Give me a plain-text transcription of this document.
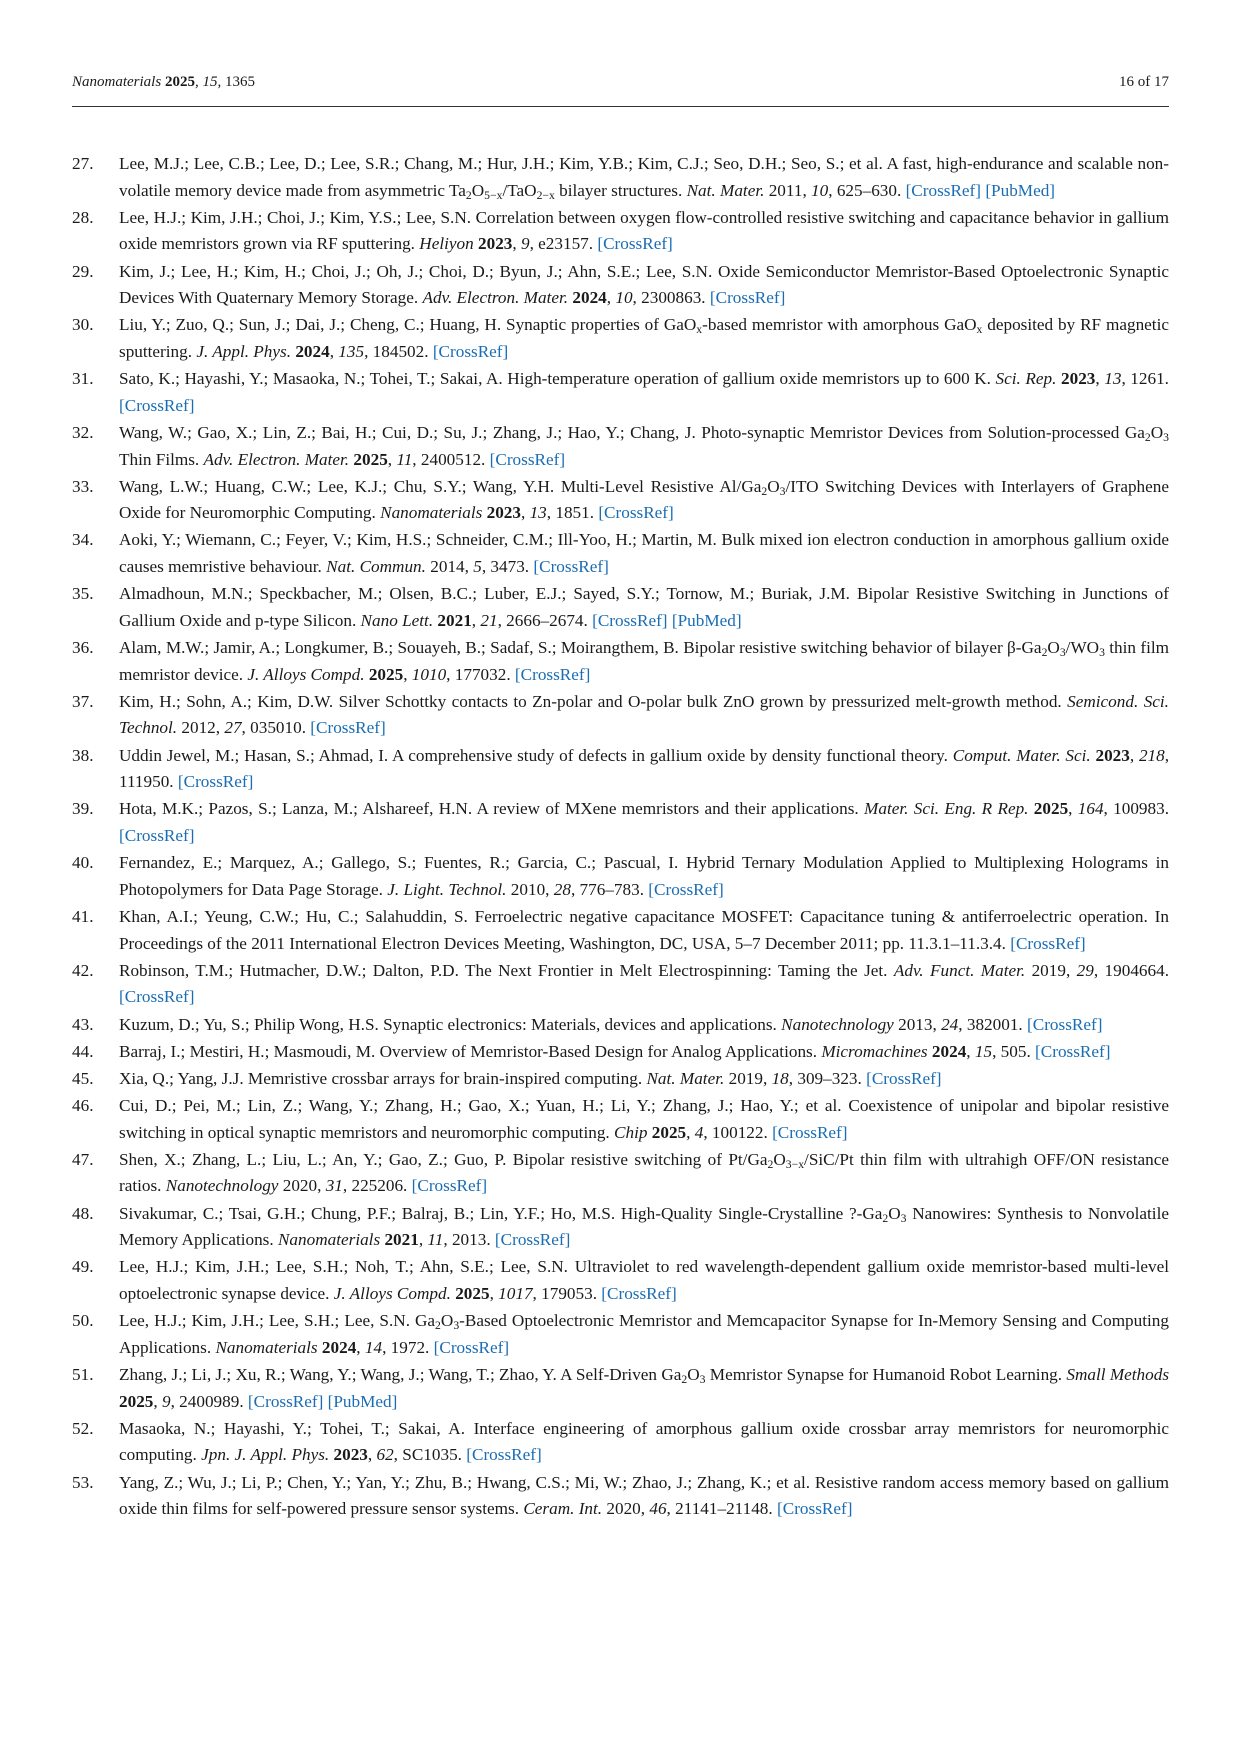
Nanomaterials 2025, 15, 1365	16 of 17
27. Lee, M.J.; Lee, C.B.; Lee, D.; Lee, S.R.; Chang, M.; Hur, J.H.; Kim, Y.B.; Kim, C.J.; Seo, D.H.; Seo, S.; et al. A fast, high-endurance and scalable non-volatile memory device made from asymmetric $Ta_2O_{5-x}/TaO_{2-x}$ bilayer structures. Nat. Mater. 2011, 10, 625–630. [CrossRef] [PubMed]
28. Lee, H.J.; Kim, J.H.; Choi, J.; Kim, Y.S.; Lee, S.N. Correlation between oxygen flow-controlled resistive switching and capacitance behavior in gallium oxide memristors grown via RF sputtering. Heliyon 2023, 9, e23157. [CrossRef]
29. Kim, J.; Lee, H.; Kim, H.; Choi, J.; Oh, J.; Choi, D.; Byun, J.; Ahn, S.E.; Lee, S.N. Oxide Semiconductor Memristor-Based Optoelectronic Synaptic Devices With Quaternary Memory Storage. Adv. Electron. Mater. 2024, 10, 2300863. [CrossRef]
30. Liu, Y.; Zuo, Q.; Sun, J.; Dai, J.; Cheng, C.; Huang, H. Synaptic properties of GaO$_x$-based memristor with amorphous GaO$_x$ deposited by RF magnetic sputtering. J. Appl. Phys. 2024, 135, 184502. [CrossRef]
31. Sato, K.; Hayashi, Y.; Masaoka, N.; Tohei, T.; Sakai, A. High-temperature operation of gallium oxide memristors up to 600 K. Sci. Rep. 2023, 13, 1261. [CrossRef]
32. Wang, W.; Gao, X.; Lin, Z.; Bai, H.; Cui, D.; Su, J.; Zhang, J.; Hao, Y.; Chang, J. Photo-synaptic Memristor Devices from Solution-processed $Ga_2O_3$ Thin Films. Adv. Electron. Mater. 2025, 11, 2400512. [CrossRef]
33. Wang, L.W.; Huang, C.W.; Lee, K.J.; Chu, S.Y.; Wang, Y.H. Multi-Level Resistive $Al/Ga_2O_3$/ITO Switching Devices with Interlayers of Graphene Oxide for Neuromorphic Computing. Nanomaterials 2023, 13, 1851. [CrossRef]
34. Aoki, Y.; Wiemann, C.; Feyer, V.; Kim, H.S.; Schneider, C.M.; Ill-Yoo, H.; Martin, M. Bulk mixed ion electron conduction in amorphous gallium oxide causes memristive behaviour. Nat. Commun. 2014, 5, 3473. [CrossRef]
35. Almadhoun, M.N.; Speckbacher, M.; Olsen, B.C.; Luber, E.J.; Sayed, S.Y.; Tornow, M.; Buriak, J.M. Bipolar Resistive Switching in Junctions of Gallium Oxide and p-type Silicon. Nano Lett. 2021, 21, 2666–2674. [CrossRef] [PubMed]
36. Alam, M.W.; Jamir, A.; Longkumer, B.; Souayeh, B.; Sadaf, S.; Moirangthem, B. Bipolar resistive switching behavior of bilayer $\beta-Ga_2O_3/WO_3$ thin film memristor device. J. Alloys Compd. 2025, 1010, 177032. [CrossRef]
37. Kim, H.; Sohn, A.; Kim, D.W. Silver Schottky contacts to Zn-polar and O-polar bulk ZnO grown by pressurized melt-growth method. Semicond. Sci. Technol. 2012, 27, 035010. [CrossRef]
38. Uddin Jewel, M.; Hasan, S.; Ahmad, I. A comprehensive study of defects in gallium oxide by density functional theory. Comput. Mater. Sci. 2023, 218, 111950. [CrossRef]
39. Hota, M.K.; Pazos, S.; Lanza, M.; Alshareef, H.N. A review of MXene memristors and their applications. Mater. Sci. Eng. R Rep. 2025, 164, 100983. [CrossRef]
40. Fernandez, E.; Marquez, A.; Gallego, S.; Fuentes, R.; Garcia, C.; Pascual, I. Hybrid Ternary Modulation Applied to Multiplexing Holograms in Photopolymers for Data Page Storage. J. Light. Technol. 2010, 28, 776–783. [CrossRef]
41. Khan, A.I.; Yeung, C.W.; Hu, C.; Salahuddin, S. Ferroelectric negative capacitance MOSFET: Capacitance tuning & antiferroelectric operation. In Proceedings of the 2011 International Electron Devices Meeting, Washington, DC, USA, 5–7 December 2011; pp. 11.3.1–11.3.4. [CrossRef]
42. Robinson, T.M.; Hutmacher, D.W.; Dalton, P.D. The Next Frontier in Melt Electrospinning: Taming the Jet. Adv. Funct. Mater. 2019, 29, 1904664. [CrossRef]
43. Kuzum, D.; Yu, S.; Philip Wong, H.S. Synaptic electronics: Materials, devices and applications. Nanotechnology 2013, 24, 382001. [CrossRef]
44. Barraj, I.; Mestiri, H.; Masmoudi, M. Overview of Memristor-Based Design for Analog Applications. Micromachines 2024, 15, 505. [CrossRef]
45. Xia, Q.; Yang, J.J. Memristive crossbar arrays for brain-inspired computing. Nat. Mater. 2019, 18, 309–323. [CrossRef]
46. Cui, D.; Pei, M.; Lin, Z.; Wang, Y.; Zhang, H.; Gao, X.; Yuan, H.; Li, Y.; Zhang, J.; Hao, Y.; et al. Coexistence of unipolar and bipolar resistive switching in optical synaptic memristors and neuromorphic computing. Chip 2025, 4, 100122. [CrossRef]
47. Shen, X.; Zhang, L.; Liu, L.; An, Y.; Gao, Z.; Guo, P. Bipolar resistive switching of $Pt/Ga_2O_{3-x}/SiC/Pt$ thin film with ultrahigh OFF/ON resistance ratios. Nanotechnology 2020, 31, 225206. [CrossRef]
48. Sivakumar, C.; Tsai, G.H.; Chung, P.F.; Balraj, B.; Lin, Y.F.; Ho, M.S. High-Quality Single-Crystalline $?-Ga_2O_3$ Nanowires: Synthesis to Nonvolatile Memory Applications. Nanomaterials 2021, 11, 2013. [CrossRef]
49. Lee, H.J.; Kim, J.H.; Lee, S.H.; Noh, T.; Ahn, S.E.; Lee, S.N. Ultraviolet to red wavelength-dependent gallium oxide memristor-based multi-level optoelectronic synapse device. J. Alloys Compd. 2025, 1017, 179053. [CrossRef]
50. Lee, H.J.; Kim, J.H.; Lee, S.H.; Lee, S.N. $Ga_2O_3$-Based Optoelectronic Memristor and Memcapacitor Synapse for In-Memory Sensing and Computing Applications. Nanomaterials 2024, 14, 1972. [CrossRef]
51. Zhang, J.; Li, J.; Xu, R.; Wang, Y.; Wang, J.; Wang, T.; Zhao, Y. A Self-Driven $Ga_2O_3$ Memristor Synapse for Humanoid Robot Learning. Small Methods 2025, 9, 2400989. [CrossRef] [PubMed]
52. Masaoka, N.; Hayashi, Y.; Tohei, T.; Sakai, A. Interface engineering of amorphous gallium oxide crossbar array memristors for neuromorphic computing. Jpn. J. Appl. Phys. 2023, 62, SC1035. [CrossRef]
53. Yang, Z.; Wu, J.; Li, P.; Chen, Y.; Yan, Y.; Zhu, B.; Hwang, C.S.; Mi, W.; Zhao, J.; Zhang, K.; et al. Resistive random access memory based on gallium oxide thin films for self-powered pressure sensor systems. Ceram. Int. 2020, 46, 21141–21148. [CrossRef]
